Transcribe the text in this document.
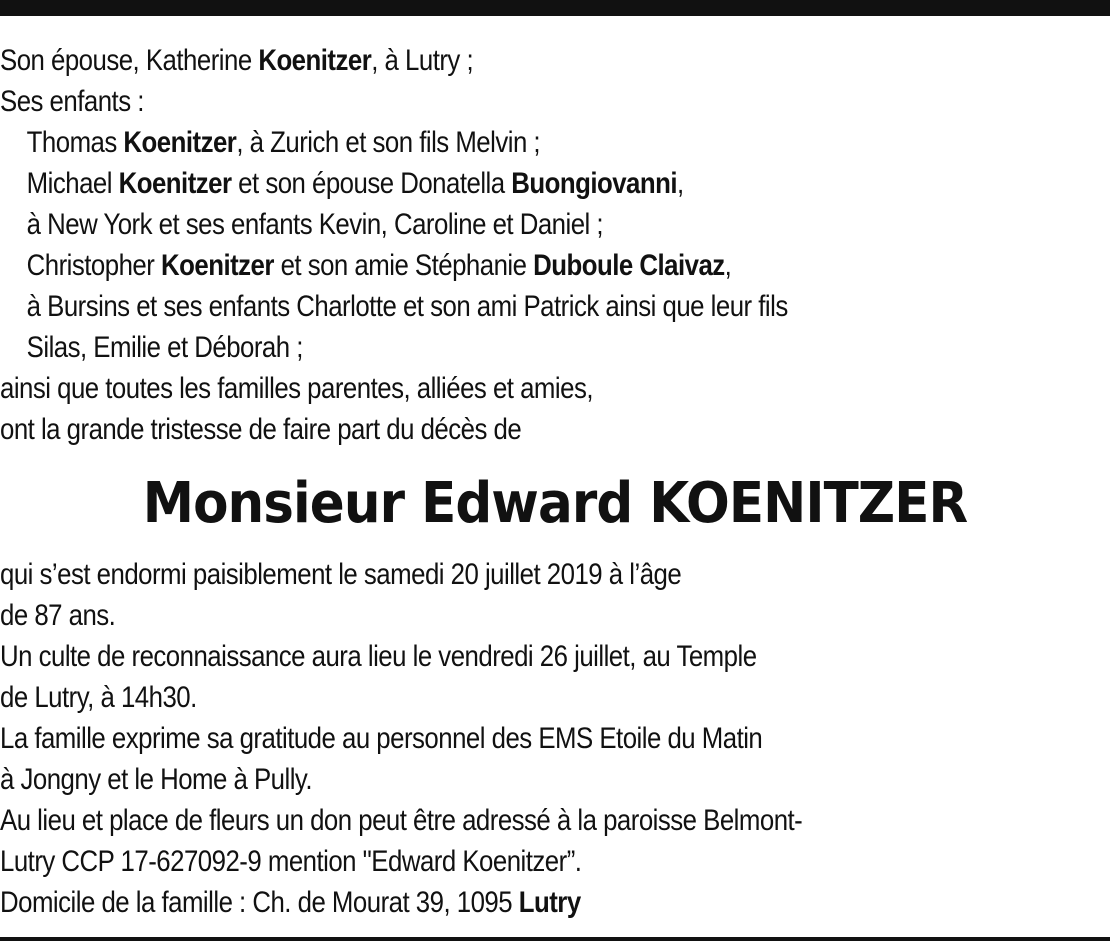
Son épouse, Katherine Koenitzer, à Lutry ;
Ses enfants :
Thomas Koenitzer, à Zurich et son fils Melvin ;
Michael Koenitzer et son épouse Donatella Buongiovanni,
à New York et ses enfants Kevin, Caroline et Daniel ;
Christopher Koenitzer et son amie Stéphanie Duboule Claivaz,
à Bursins et ses enfants Charlotte et son ami Patrick ainsi que leur fils
Silas, Emilie et Déborah ;
ainsi que toutes les familles parentes, alliées et amies,
ont la grande tristesse de faire part du décès de
Monsieur Edward KOENITZER
qui s’est endormi paisiblement le samedi 20 juillet 2019 à l’âge
de 87 ans.
Un culte de reconnaissance aura lieu le vendredi 26 juillet, au Temple
de Lutry, à 14h30.
La famille exprime sa gratitude au personnel des EMS Etoile du Matin
à Jongny et le Home à Pully.
Au lieu et place de fleurs un don peut être adressé à la paroisse Belmont-
Lutry CCP 17-627092-9 mention "Edward Koenitzer”.
Domicile de la famille : Ch. de Mourat 39, 1095 Lutry
